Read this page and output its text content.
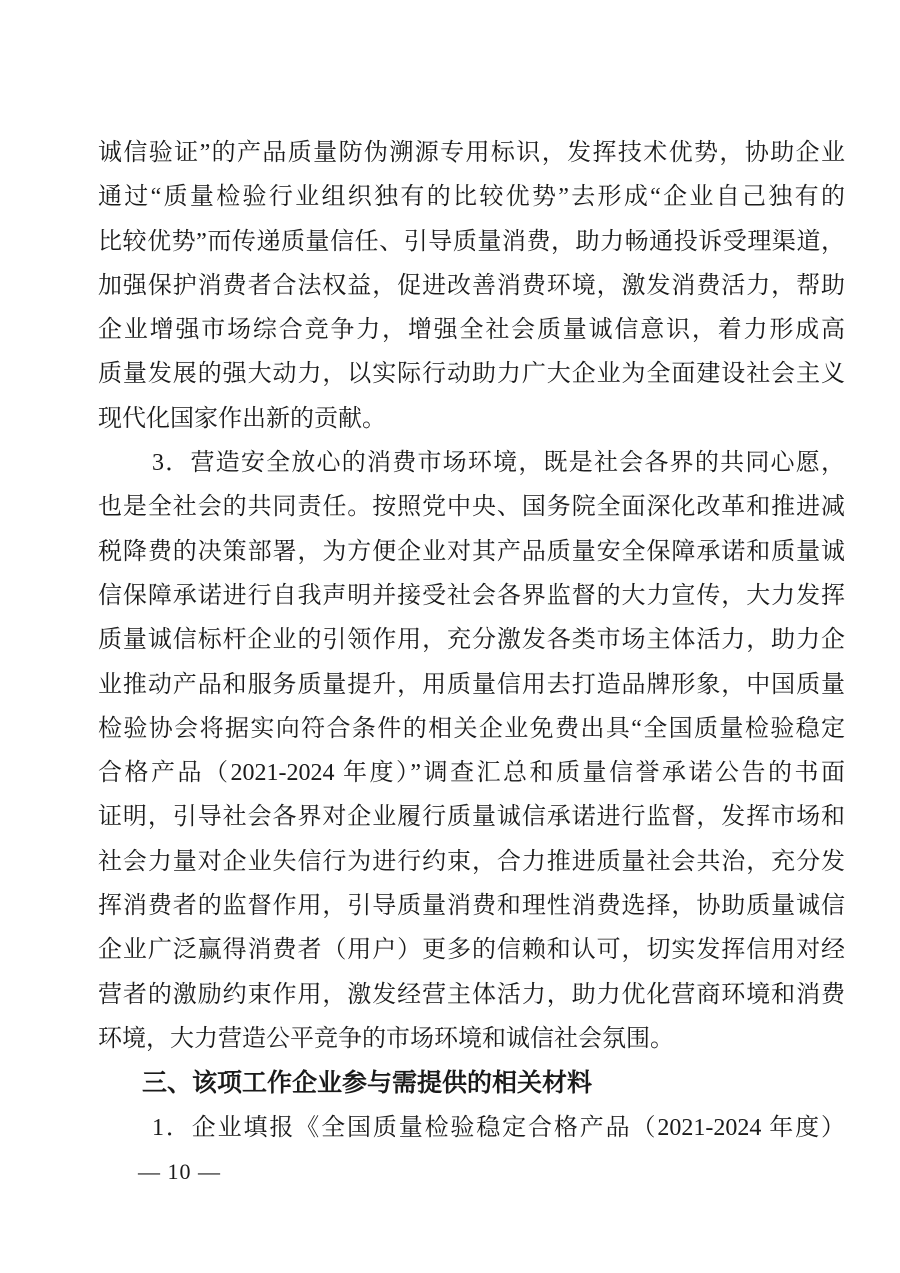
诚信验证”的产品质量防伪溯源专用标识，发挥技术优势，协助企业
通过“质量检验行业组织独有的比较优势”去形成“企业自己独有的
比较优势”而传递质量信任、引导质量消费，助力畅通投诉受理渠道，
加强保护消费者合法权益，促进改善消费环境，激发消费活力，帮助
企业增强市场综合竞争力，增强全社会质量诚信意识，着力形成高
质量发展的强大动力，以实际行动助力广大企业为全面建设社会主义
现代化国家作出新的贡献。
3．营造安全放心的消费市场环境，既是社会各界的共同心愿，
也是全社会的共同责任。按照党中央、国务院全面深化改革和推进减
税降费的决策部署，为方便企业对其产品质量安全保障承诺和质量诚
信保障承诺进行自我声明并接受社会各界监督的大力宣传，大力发挥
质量诚信标杆企业的引领作用，充分激发各类市场主体活力，助力企
业推动产品和服务质量提升，用质量信用去打造品牌形象，中国质量
检验协会将据实向符合条件的相关企业免费出具“全国质量检验稳定
合格产品（2021-2024 年度）”调查汇总和质量信誉承诺公告的书面
证明，引导社会各界对企业履行质量诚信承诺进行监督，发挥市场和
社会力量对企业失信行为进行约束，合力推进质量社会共治，充分发
挥消费者的监督作用，引导质量消费和理性消费选择，协助质量诚信
企业广泛赢得消费者（用户）更多的信赖和认可，切实发挥信用对经
营者的激励约束作用，激发经营主体活力，助力优化营商环境和消费
环境，大力营造公平竞争的市场环境和诚信社会氛围。
三、该项工作企业参与需提供的相关材料
1．企业填报《全国质量检验稳定合格产品（2021-2024 年度）
— 10 —
